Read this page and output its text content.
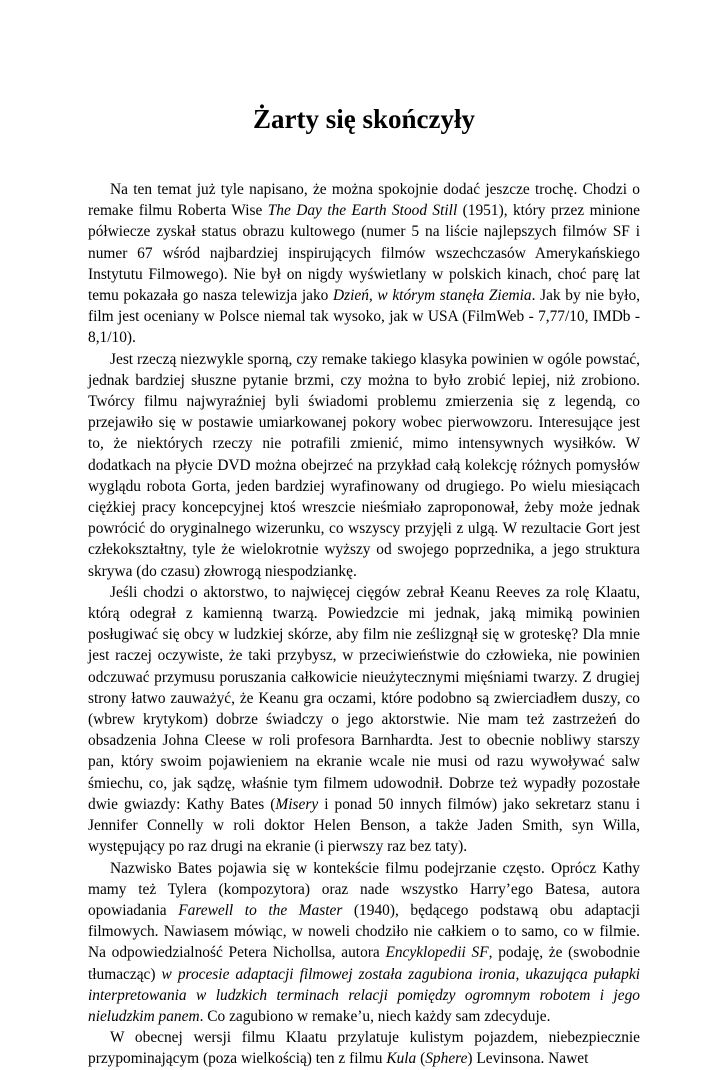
Żarty się skończyły

Na ten temat już tyle napisano, że można spokojnie dodać jeszcze trochę. Chodzi o remake filmu Roberta Wise The Day the Earth Stood Still (1951), który przez minione półwiecze zyskał status obrazu kultowego (numer 5 na liście najlepszych filmów SF i numer 67 wśród najbardziej inspirujących filmów wszechczasów Amerykańskiego Instytutu Filmowego). Nie był on nigdy wyświetlany w polskich kinach, choć parę lat temu pokazała go nasza telewizja jako Dzień, w którym stanęła Ziemia. Jak by nie było, film jest oceniany w Polsce niemal tak wysoko, jak w USA (FilmWeb - 7,77/10, IMDb - 8,1/10).

Jest rzeczą niezwykle sporną, czy remake takiego klasyka powinien w ogóle powstać, jednak bardziej słuszne pytanie brzmi, czy można to było zrobić lepiej, niż zrobiono. Twórcy filmu najwyraźniej byli świadomi problemu zmierzenia się z legendą, co przejawiło się w postawie umiarkowanej pokory wobec pierwowzoru. Interesujące jest to, że niektórych rzeczy nie potrafili zmienić, mimo intensywnych wysiłków. W dodatkach na płycie DVD można obejrzeć na przykład całą kolekcję różnych pomysłów wyglądu robota Gorta, jeden bardziej wyrafinowany od drugiego. Po wielu miesiącach ciężkiej pracy koncepcyjnej ktoś wreszcie nieśmiało zaproponował, żeby może jednak powrócić do oryginalnego wizerunku, co wszyscy przyjęli z ulgą. W rezultacie Gort jest człekokształtny, tyle że wielokrotnie wyższy od swojego poprzednika, a jego struktura skrywa (do czasu) złowrogą niespodziankę.

Jeśli chodzi o aktorstwo, to najwięcej cięgów zebrał Keanu Reeves za rolę Klaatu, którą odegrał z kamienną twarzą. Powiedzcie mi jednak, jaką mimiką powinien posługiwać się obcy w ludzkiej skórze, aby film nie ześlizgnął się w groteskę? Dla mnie jest raczej oczywiste, że taki przybysz, w przeciwieństwie do człowieka, nie powinien odczuwać przymusu poruszania całkowicie nieużytecznymi mięśniami twarzy. Z drugiej strony łatwo zauważyć, że Keanu gra oczami, które podobno są zwierciadłem duszy, co (wbrew krytykom) dobrze świadczy o jego aktorstwie. Nie mam też zastrzeżeń do obsadzenia Johna Cleese w roli profesora Barnhardta. Jest to obecnie nobliwy starszy pan, który swoim pojawieniem na ekranie wcale nie musi od razu wywoływać salw śmiechu, co, jak sądzę, właśnie tym filmem udowodnił. Dobrze też wypadły pozostałe dwie gwiazdy: Kathy Bates (Misery i ponad 50 innych filmów) jako sekretarz stanu i Jennifer Connelly w roli doktor Helen Benson, a także Jaden Smith, syn Willa, występujący po raz drugi na ekranie (i pierwszy raz bez taty).

Nazwisko Bates pojawia się w kontekście filmu podejrzanie często. Oprócz Kathy mamy też Tylera (kompozytora) oraz nade wszystko Harry’ego Batesa, autora opowiadania Farewell to the Master (1940), będącego podstawą obu adaptacji filmowych. Nawiasem mówiąc, w noweli chodziło nie całkiem o to samo, co w filmie. Na odpowiedzialność Petera Nichollsa, autora Encyklopedii SF, podaję, że (swobodnie tłumacząc) w procesie adaptacji filmowej została zagubiona ironia, ukazująca pułapki interpretowania w ludzkich terminach relacji pomiędzy ogromnym robotem i jego nieludzkim panem. Co zagubiono w remake’u, niech każdy sam zdecyduje.

W obecnej wersji filmu Klaatu przylatuje kulistym pojazdem, niebezpiecznie przypominającym (poza wielkością) ten z filmu Kula (Sphere) Levinsona. Nawet
